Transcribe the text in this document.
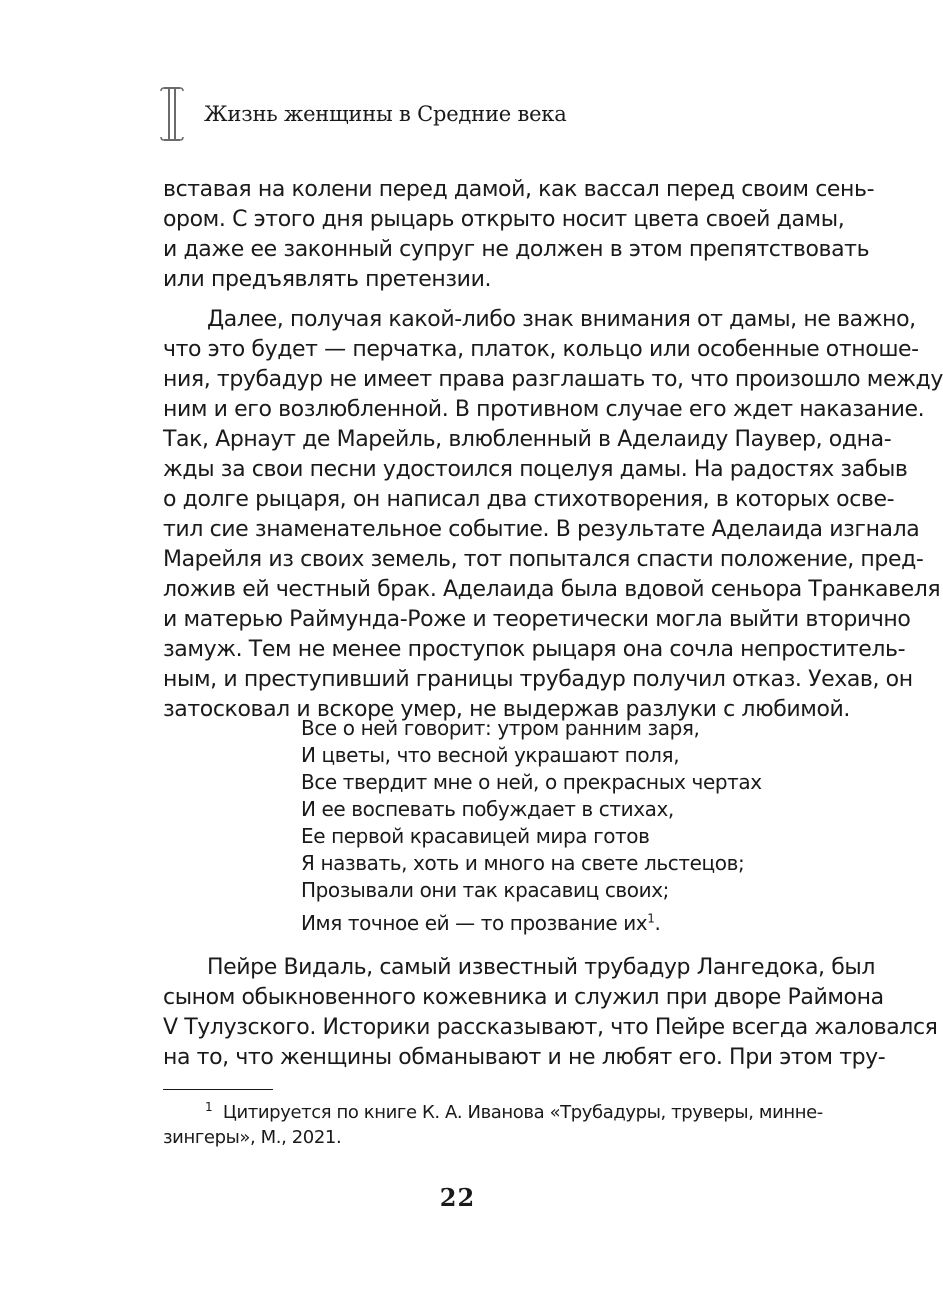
Жизнь женщины в Средние века
вставая на колени перед дамой, как вассал перед своим сень-
ором. С этого дня рыцарь открыто носит цвета своей дамы,
и даже ее законный супруг не должен в этом препятствовать
или предъявлять претензии.
Далее, получая какой-либо знак внимания от дамы, не важно,
что это будет — перчатка, платок, кольцо или особенные отноше-
ния, трубадур не имеет права разглашать то, что произошло между
ним и его возлюбленной. В противном случае его ждет наказание.
Так, Арнаут де Марейль, влюбленный в Аделаиду Паувер, одна-
жды за свои песни удостоился поцелуя дамы. На радостях забыв
о долге рыцаря, он написал два стихотворения, в которых осве-
тил сие знаменательное событие. В результате Аделаида изгнала
Марейля из своих земель, тот попытался спасти положение, пред-
ложив ей честный брак. Аделаида была вдовой сеньора Транкавеля
и матерью Раймунда-Роже и теоретически могла выйти вторично
замуж. Тем не менее проступок рыцаря она сочла непроститель-
ным, и преступивший границы трубадур получил отказ. Уехав, он
затосковал и вскоре умер, не выдержав разлуки с любимой.
Все о ней говорит: утром ранним заря,
И цветы, что весной украшают поля,
Все твердит мне о ней, о прекрасных чертах
И ее воспевать побуждает в стихах,
Ее первой красавицей мира готов
Я назвать, хоть и много на свете льстецов;
Прозывали они так красавиц своих;
Имя точное ей — то прозвание $их^1$.
Пейре Видаль, самый известный трубадур Лангедока, был
сыном обыкновенного кожевника и служил при дворе Раймона
V Тулузского. Историки рассказывают, что Пейре всегда жаловался
на то, что женщины обманывают и не любят его. При этом тру-
$^1$ Цитируется по книге К. А. Иванова «Трубадуры, труверы, минне-
зингеры», М., 2021.
22
